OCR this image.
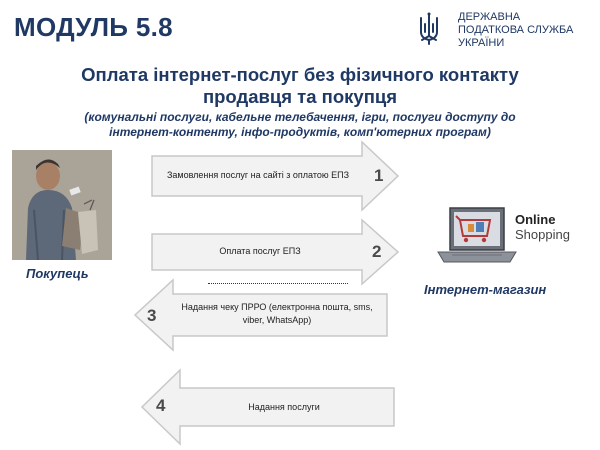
МОДУЛЬ 5.8	ДЕРЖАВНА
ПОДАТКОВА СЛУЖБА
УКРАЇНИ
Оплата інтернет-послуг без фізичного контакту
продавця та покупця
(комунальні послуги, кабельне телебачення, ігри, послуги доступу до
інтернет-контенту, інфо-продуктів, комп'ютерних програм)
Покупець
Online
Shopping
Інтернет-магазин
Замовлення послуг на сайті з оплатою ЕПЗ	1
Оплата послуг ЕПЗ	2
3	Надання чеку ПРРО (електронна пошта, sms, viber, WhatsApp)
4	Надання послуги
